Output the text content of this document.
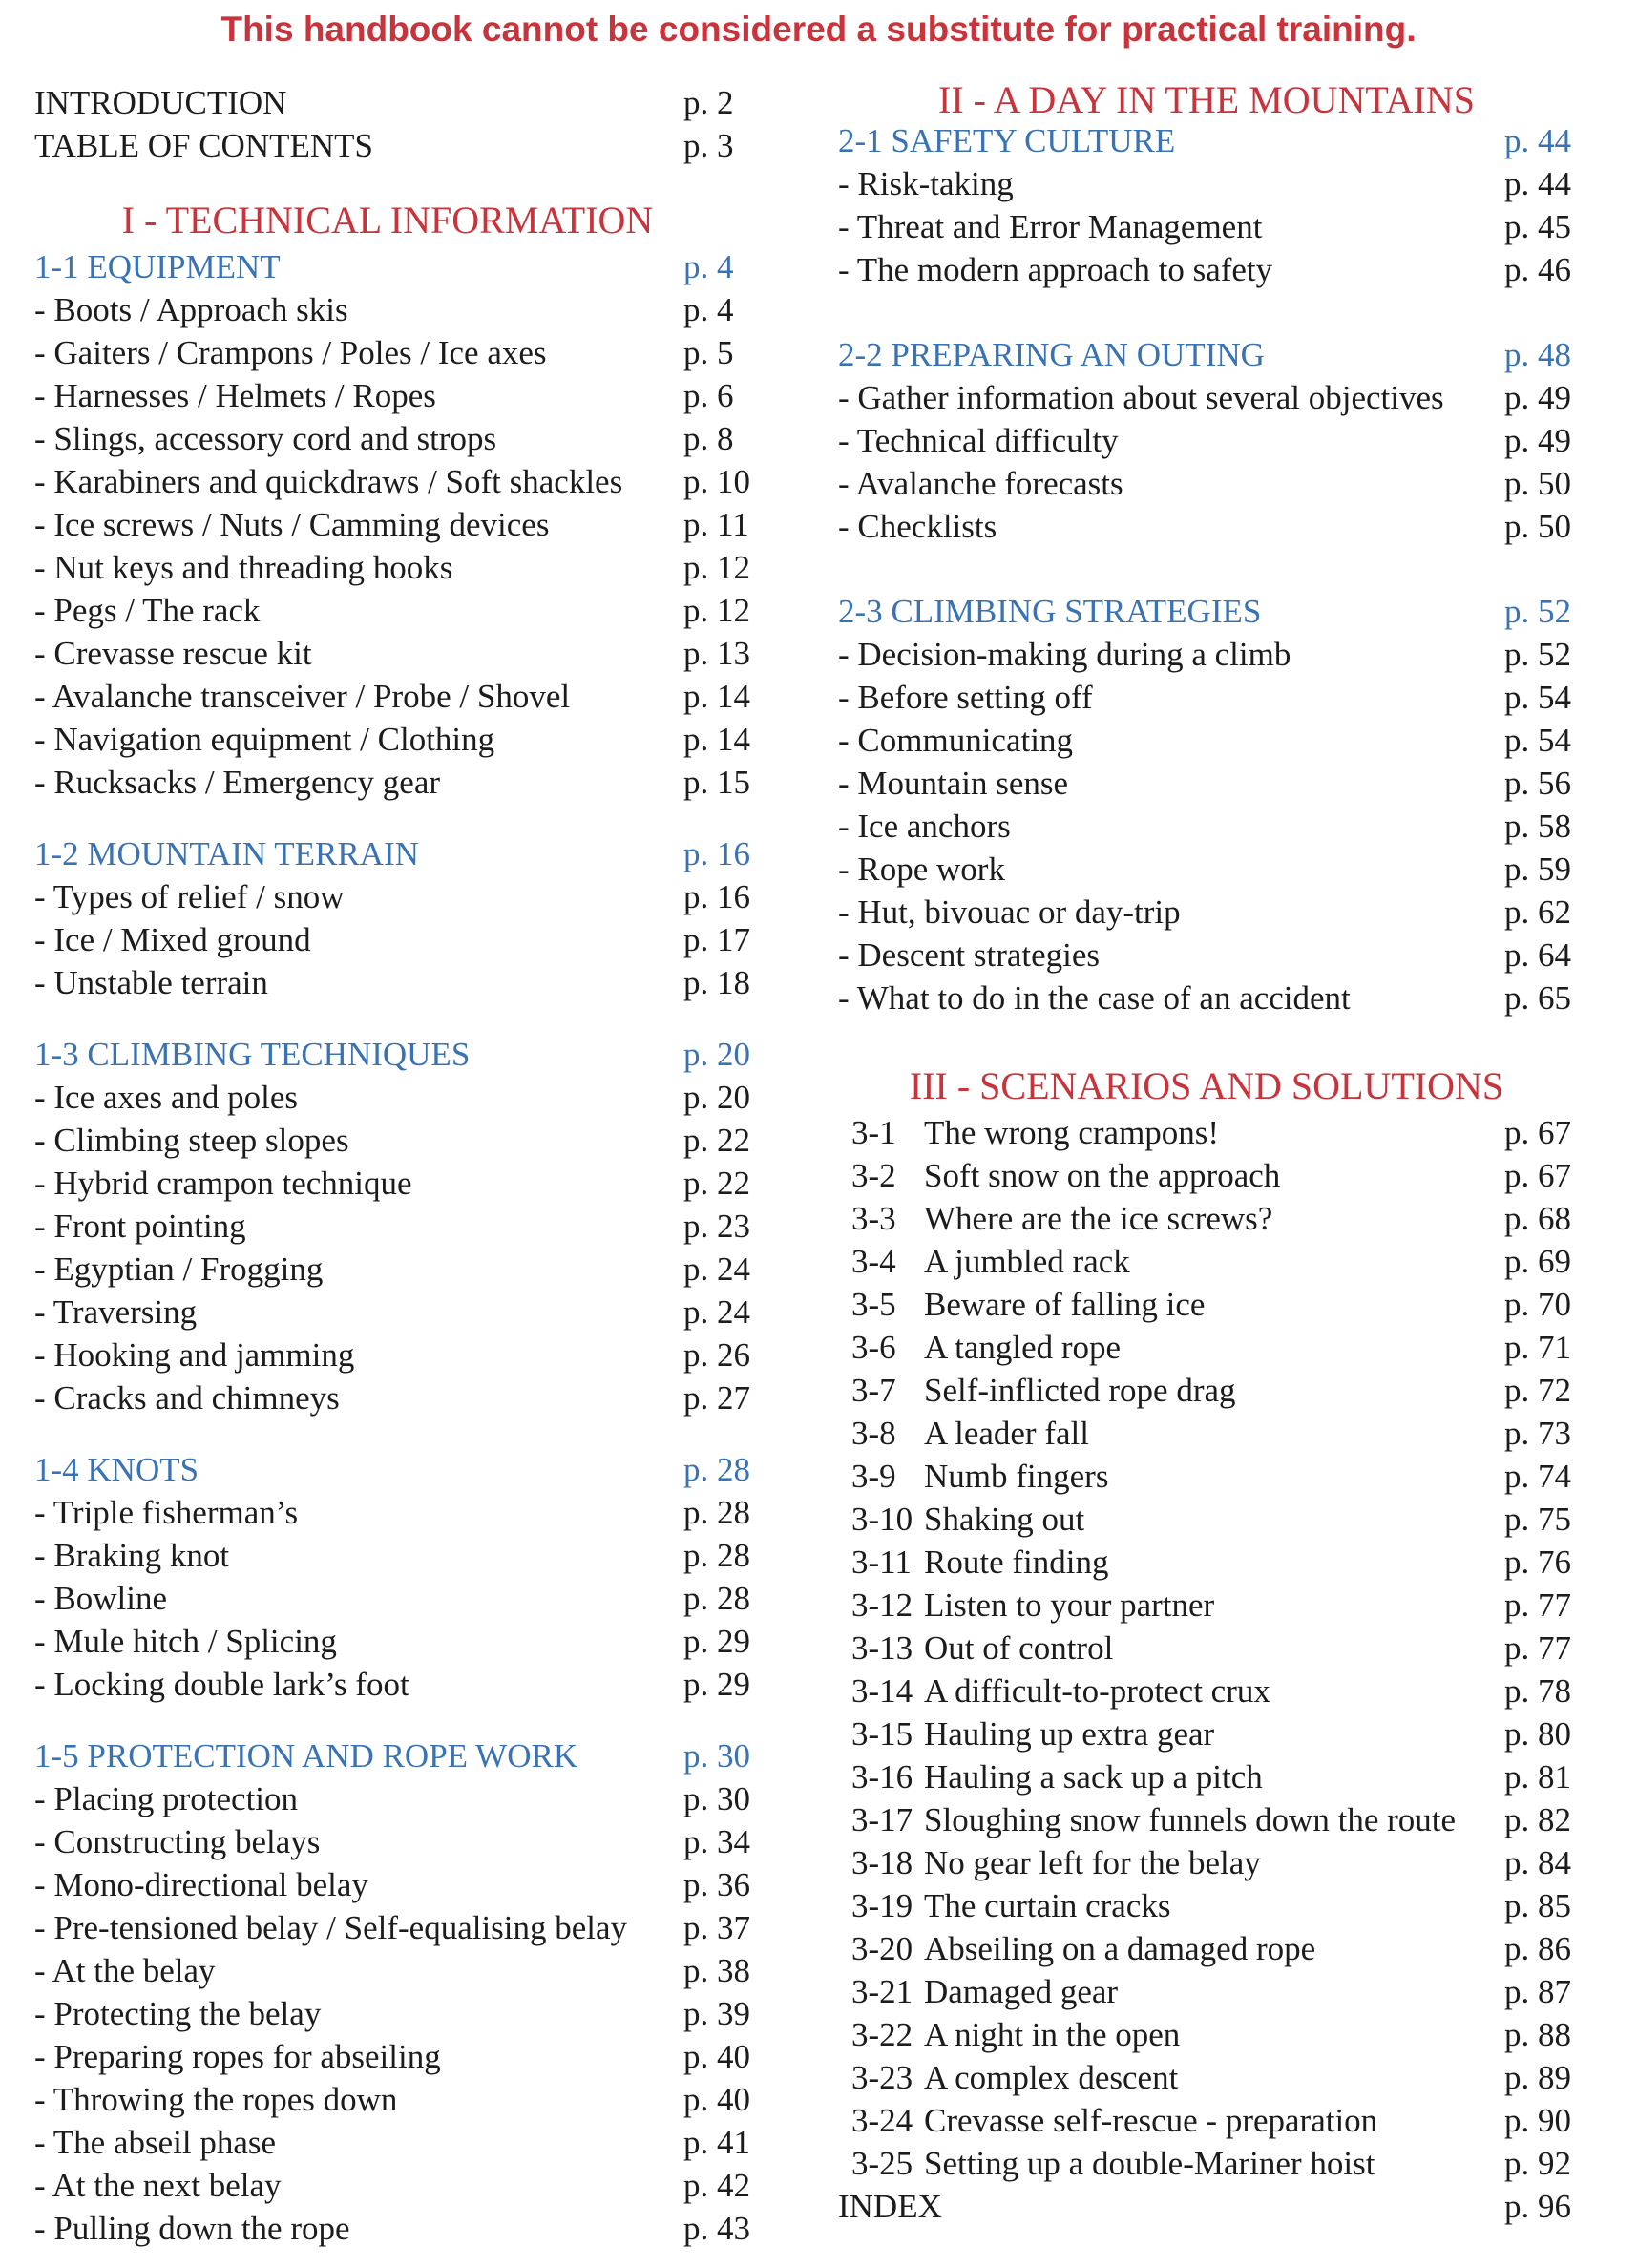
This handbook cannot be considered a substitute for practical training.
INTRODUCTION	p. 2
TABLE OF CONTENTS	p. 3
I - TECHNICAL INFORMATION
1-1 EQUIPMENT	p. 4
- Boots / Approach skis	p. 4
- Gaiters / Crampons / Poles / Ice axes	p. 5
- Harnesses / Helmets / Ropes	p. 6
- Slings, accessory cord and strops	p. 8
- Karabiners and quickdraws / Soft shackles p. 10
- Ice screws / Nuts / Camming devices	p. 11
- Nut keys and threading hooks	p. 12
- Pegs / The rack	p. 12
- Crevasse rescue kit	p. 13
- Avalanche transceiver / Probe / Shovel	p. 14
- Navigation equipment / Clothing	p. 14
- Rucksacks / Emergency gear	p. 15
1-2 MOUNTAIN TERRAIN	p. 16
- Types of relief / snow	p. 16
- Ice / Mixed ground	p. 17
- Unstable terrain	p. 18
1-3 CLIMBING TECHNIQUES	p. 20
- Ice axes and poles	p. 20
- Climbing steep slopes	p. 22
- Hybrid crampon technique	p. 22
- Front pointing	p. 23
- Egyptian / Frogging	p. 24
- Traversing	p. 24
- Hooking and jamming	p. 26
- Cracks and chimneys	p. 27
1-4 KNOTS	p. 28
- Triple fisherman’s	p. 28
- Braking knot	p. 28
- Bowline	p. 28
- Mule hitch / Splicing	p. 29
- Locking double lark’s foot	p. 29
1-5 PROTECTION AND ROPE WORK	p. 30
- Placing protection	p. 30
- Constructing belays	p. 34
- Mono-directional belay	p. 36
- Pre-tensioned belay / Self-equalising belay p. 37
- At the belay	p. 38
- Protecting the belay	p. 39
- Preparing ropes for abseiling	p. 40
- Throwing the ropes down	p. 40
- The abseil phase	p. 41
- At the next belay	p. 42
- Pulling down the rope	p. 43
II - A DAY IN THE MOUNTAINS
2-1 SAFETY CULTURE	p. 44
- Risk-taking	p. 44
- Threat and Error Management	p. 45
- The modern approach to safety	p. 46
2-2 PREPARING AN OUTING	p. 48
- Gather information about several objectives p. 49
- Technical difficulty	p. 49
- Avalanche forecasts	p. 50
- Checklists	p. 50
2-3 CLIMBING STRATEGIES	p. 52
- Decision-making during a climb	p. 52
- Before setting off	p. 54
- Communicating	p. 54
- Mountain sense	p. 56
- Ice anchors	p. 58
- Rope work	p. 59
- Hut, bivouac or day-trip	p. 62
- Descent strategies	p. 64
- What to do in the case of an accident	p. 65
III - SCENARIOS AND SOLUTIONS
3-1 The wrong crampons!	p. 67
3-2 Soft snow on the approach	p. 67
3-3 Where are the ice screws?	p. 68
3-4 A jumbled rack	p. 69
3-5 Beware of falling ice	p. 70
3-6 A tangled rope	p. 71
3-7 Self-inflicted rope drag	p. 72
3-8 A leader fall	p. 73
3-9 Numb fingers	p. 74
3-10 Shaking out	p. 75
3-11 Route finding	p. 76
3-12 Listen to your partner	p. 77
3-13 Out of control	p. 77
3-14 A difficult-to-protect crux	p. 78
3-15 Hauling up extra gear	p. 80
3-16 Hauling a sack up a pitch	p. 81
3-17 Sloughing snow funnels down the route p. 82
3-18 No gear left for the belay	p. 84
3-19 The curtain cracks	p. 85
3-20 Abseiling on a damaged rope	p. 86
3-21 Damaged gear	p. 87
3-22 A night in the open	p. 88
3-23 A complex descent	p. 89
3-24 Crevasse self-rescue - preparation	p. 90
3-25 Setting up a double-Mariner hoist	p. 92
INDEX	p. 96
